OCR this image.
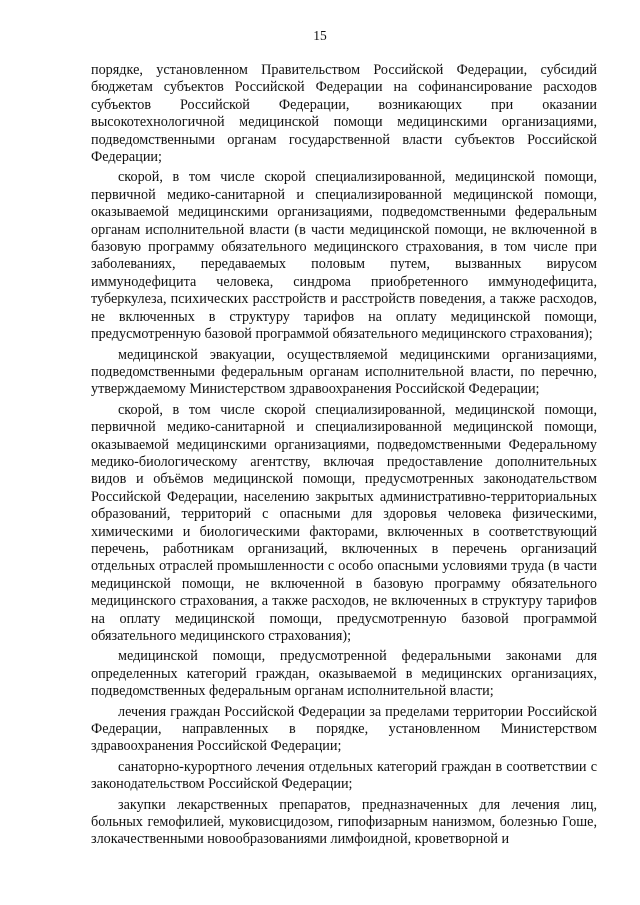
15

порядке, установленном Правительством Российской Федерации, субсидий бюджетам субъектов Российской Федерации на софинансирование расходов субъектов Российской Федерации, возникающих при оказании высокотехнологичной медицинской помощи медицинскими организациями, подведомственными органам государственной власти субъектов Российской Федерации;

скорой, в том числе скорой специализированной, медицинской помощи, первичной медико-санитарной и специализированной медицинской помощи, оказываемой медицинскими организациями, подведомственными федеральным органам исполнительной власти (в части медицинской помощи, не включенной в базовую программу обязательного медицинского страхования, в том числе при заболеваниях, передаваемых половым путем, вызванных вирусом иммунодефицита человека, синдрома приобретенного иммунодефицита, туберкулеза, психических расстройств и расстройств поведения, а также расходов, не включенных в структуру тарифов на оплату медицинской помощи, предусмотренную базовой программой обязательного медицинского страхования);

медицинской эвакуации, осуществляемой медицинскими организациями, подведомственными федеральным органам исполнительной власти, по перечню, утверждаемому Министерством здравоохранения Российской Федерации;

скорой, в том числе скорой специализированной, медицинской помощи, первичной медико-санитарной и специализированной медицинской помощи, оказываемой медицинскими организациями, подведомственными Федеральному медико-биологическому агентству, включая предоставление дополнительных видов и объёмов медицинской помощи, предусмотренных законодательством Российской Федерации, населению закрытых административно-территориальных образований, территорий с опасными для здоровья человека физическими, химическими и биологическими факторами, включенных в соответствующий перечень, работникам организаций, включенных в перечень организаций отдельных отраслей промышленности с особо опасными условиями труда (в части медицинской помощи, не включенной в базовую программу обязательного медицинского страхования, а также расходов, не включенных в структуру тарифов на оплату медицинской помощи, предусмотренную базовой программой обязательного медицинского страхования);

медицинской помощи, предусмотренной федеральными законами для определенных категорий граждан, оказываемой в медицинских организациях, подведомственных федеральным органам исполнительной власти;

лечения граждан Российской Федерации за пределами территории Российской Федерации, направленных в порядке, установленном Министерством здравоохранения Российской Федерации;

санаторно-курортного лечения отдельных категорий граждан в соответствии с законодательством Российской Федерации;

закупки лекарственных препаратов, предназначенных для лечения лиц, больных гемофилией, муковисцидозом, гипофизарным нанизмом, болезнью Гоше, злокачественными новообразованиями лимфоидной, кроветворной и
